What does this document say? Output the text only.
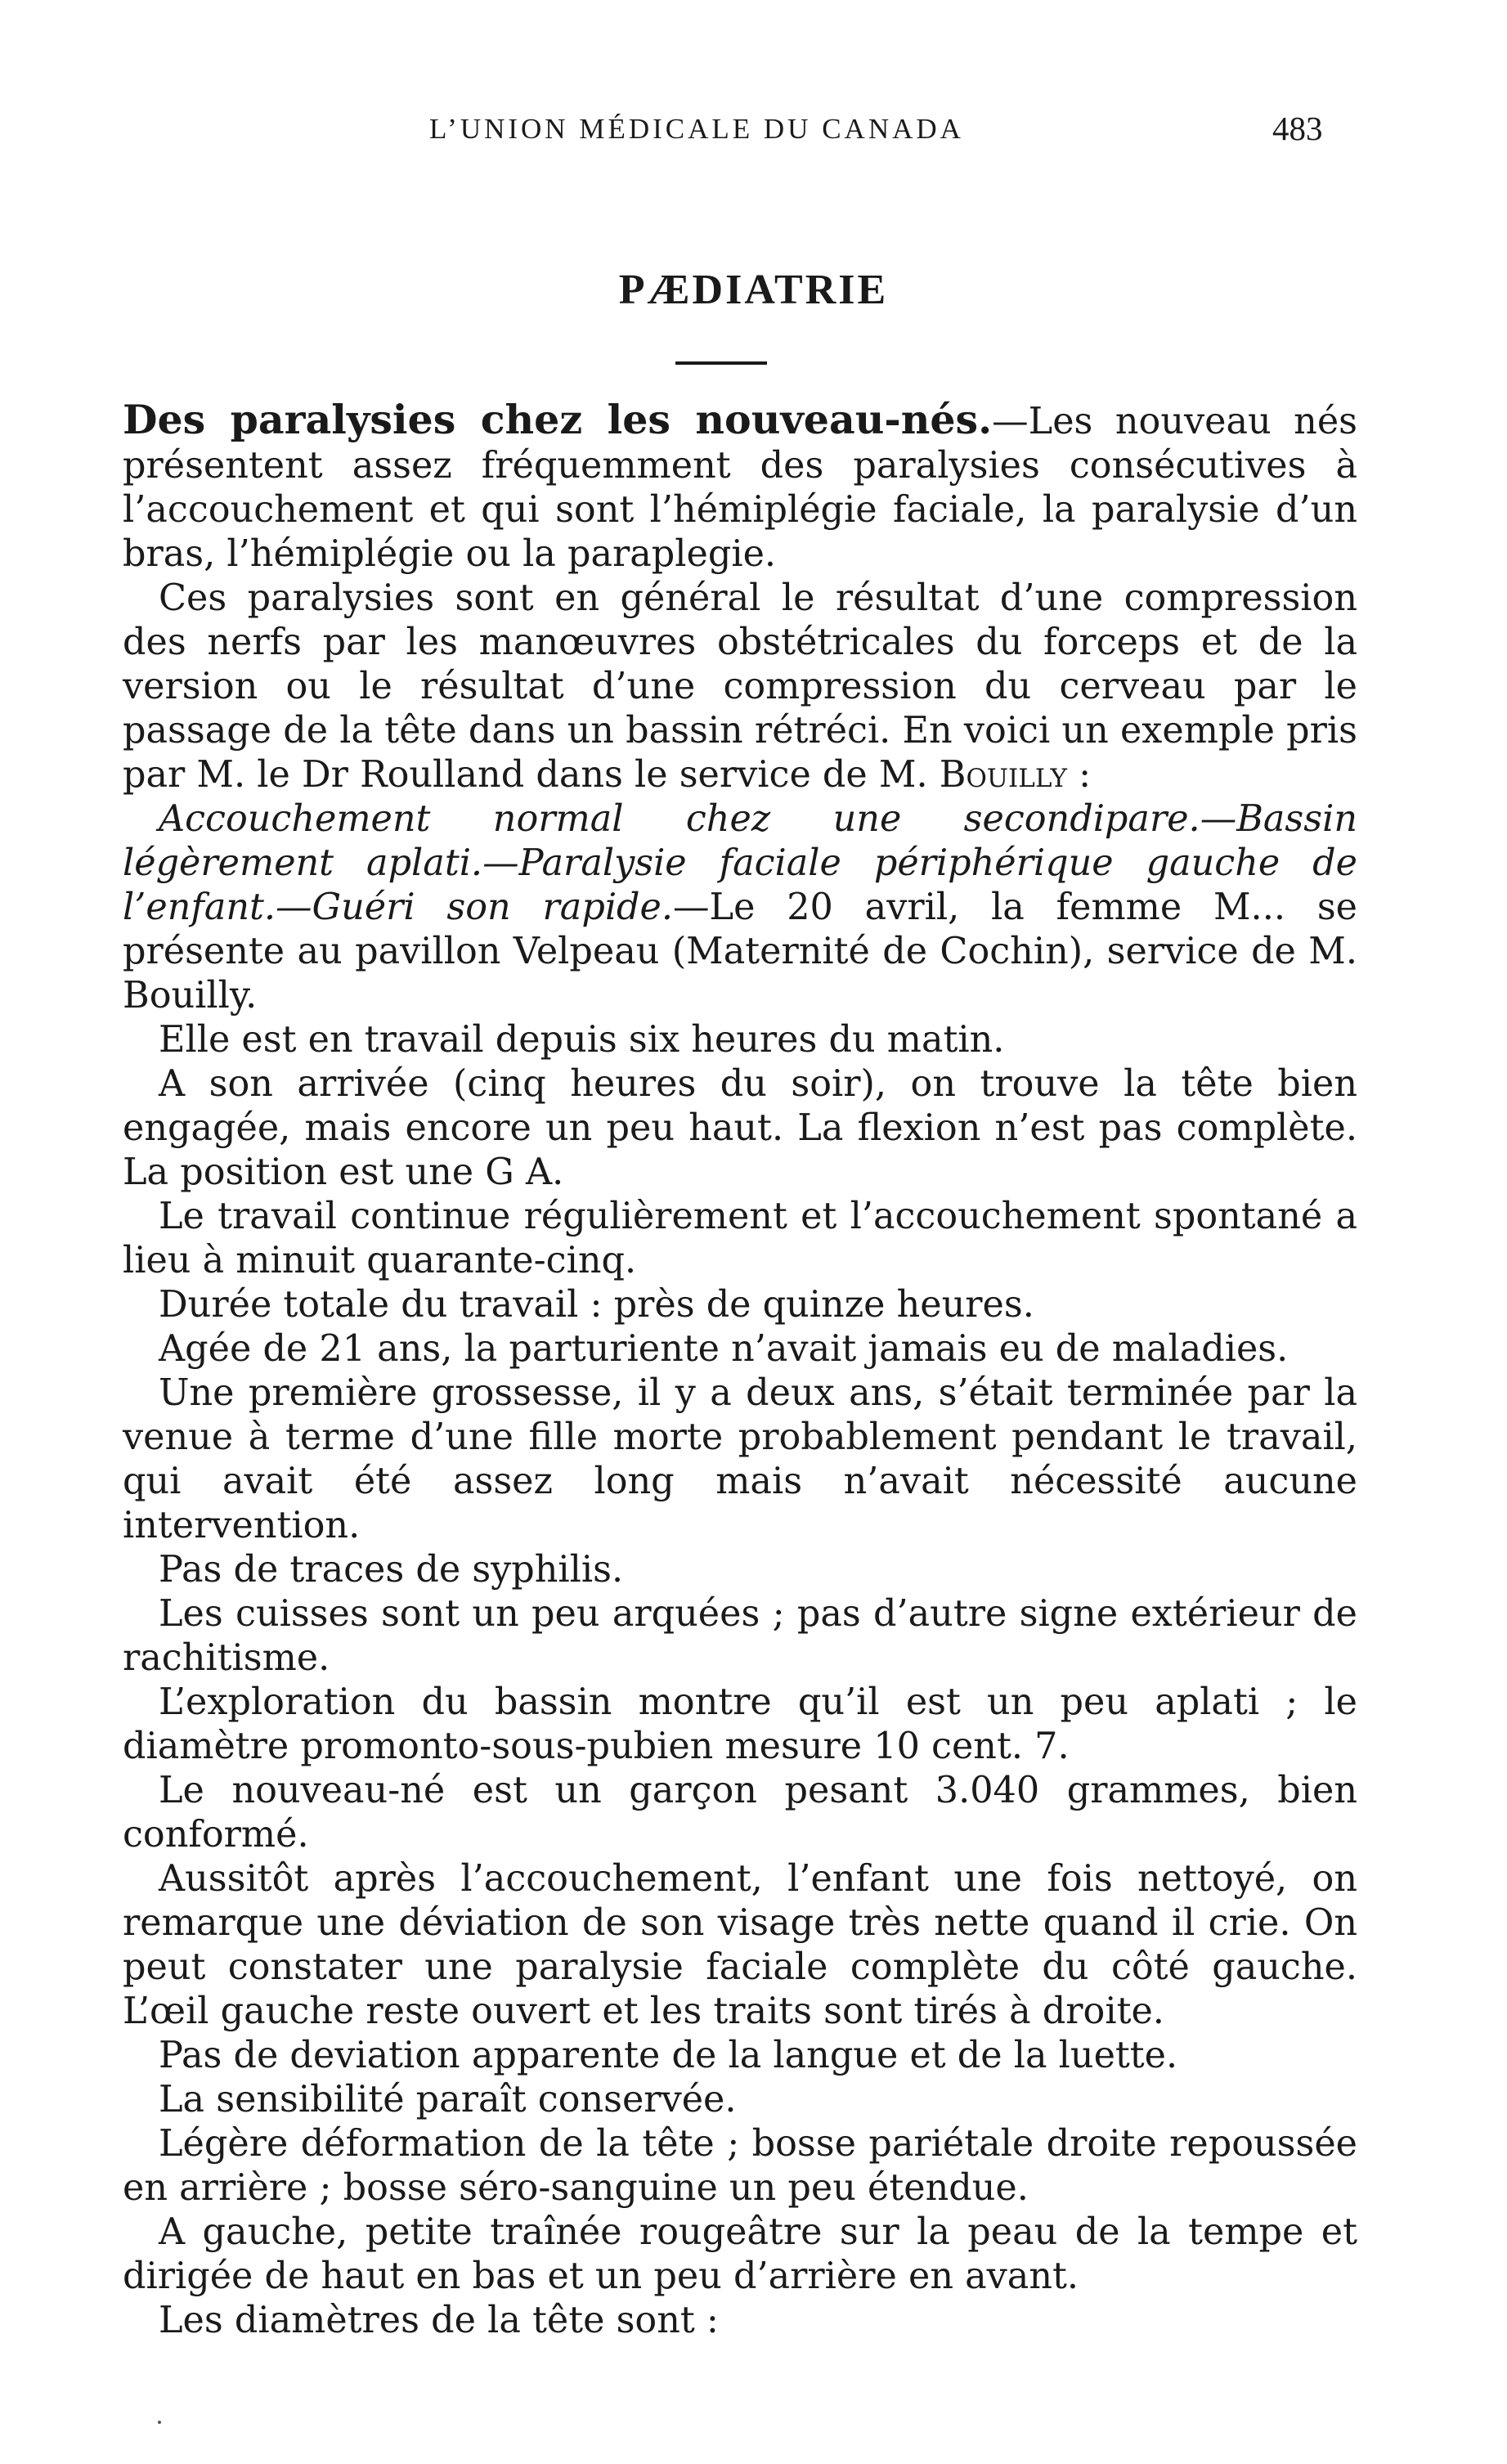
L’UNION MÉDICALE DU CANADA	483
PÆDIATRIE

Des paralysies chez les nouveau-nés.—Les nouveau nés présentent assez fréquemment des paralysies consécutives à l’accouchement et qui sont l’hémiplégie faciale, la paralysie d’un bras, l’hémiplégie ou la paraplegie.

Ces paralysies sont en général le résultat d’une compression des nerfs par les manœuvres obstétricales du forceps et de la version ou le résultat d’une compression du cerveau par le passage de la tête dans un bassin rétréci. En voici un exemple pris par M. le Dr Roulland dans le service de M. Bouilly :

Accouchement normal chez une secondipare.—Bassin légèrement aplati.—Paralysie faciale périphérique gauche de l’enfant.—Guéri son rapide.—Le 20 avril, la femme M... se présente au pavillon Velpeau (Maternité de Cochin), service de M. Bouilly.

Elle est en travail depuis six heures du matin.

A son arrivée (cinq heures du soir), on trouve la tête bien engagée, mais encore un peu haut. La flexion n’est pas complète. La position est une G A.

Le travail continue régulièrement et l’accouchement spontané a lieu à minuit quarante-cinq.

Durée totale du travail : près de quinze heures.

Agée de 21 ans, la parturiente n’avait jamais eu de maladies.

Une première grossesse, il y a deux ans, s’était terminée par la venue à terme d’une fille morte probablement pendant le travail, qui avait été assez long mais n’avait nécessité aucune intervention.

Pas de traces de syphilis.

Les cuisses sont un peu arquées ; pas d’autre signe extérieur de rachitisme.

L’exploration du bassin montre qu’il est un peu aplati ; le diamètre promonto-sous-pubien mesure 10 cent. 7.

Le nouveau-né est un garçon pesant 3.040 grammes, bien conformé.

Aussitôt après l’accouchement, l’enfant une fois nettoyé, on remarque une déviation de son visage très nette quand il crie. On peut constater une paralysie faciale complète du côté gauche. L’œil gauche reste ouvert et les traits sont tirés à droite.

Pas de deviation apparente de la langue et de la luette.

La sensibilité paraît conservée.

Légère déformation de la tête ; bosse pariétale droite repoussée en arrière ; bosse séro-sanguine un peu étendue.

A gauche, petite traînée rougeâtre sur la peau de la tempe et dirigée de haut en bas et un peu d’arrière en avant.

Les diamètres de la tête sont :
